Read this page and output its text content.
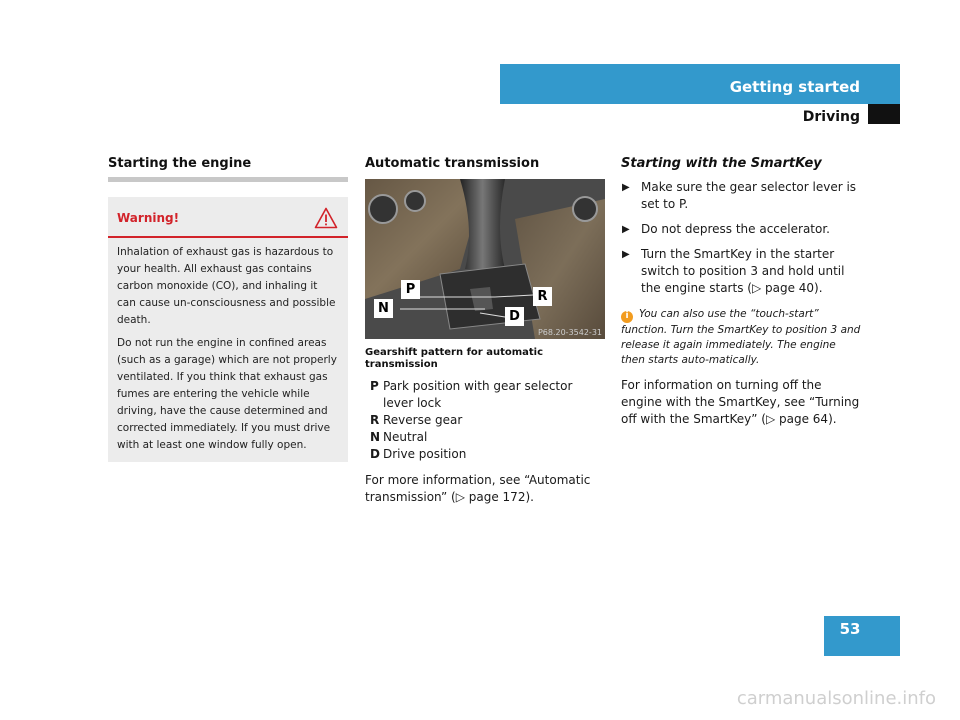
Getting started
Driving
Starting the engine
Warning!

Inhalation of exhaust gas is hazardous to your health. All exhaust gas contains carbon monoxide (CO), and inhaling it can cause un-consciousness and possible death.

Do not run the engine in confined areas (such as a garage) which are not properly ventilated. If you think that exhaust gas fumes are entering the vehicle while driving, have the cause determined and corrected immediately. If you must drive with at least one window fully open.

Automatic transmission
P	R
N
D
P68.20-3542-31
Gearshift pattern for automatic transmission
P Park position with gear selector lever lock
R Reverse gear
N Neutral
D Drive position
For more information, see “Automatic transmission” (▷ page 172).
Starting with the SmartKey
▶ Make sure the gear selector lever is set to P.
▶ Do not depress the accelerator.
▶ Turn the SmartKey in the starter switch to position 3 and hold until the engine starts (▷ page 40).
i You can also use the “touch-start” function. Turn the SmartKey to position 3 and release it again immediately. The engine then starts auto-matically.
For information on turning off the engine with the SmartKey, see “Turning off with the SmartKey” (▷ page 64).
53
carmanualsonline.info
